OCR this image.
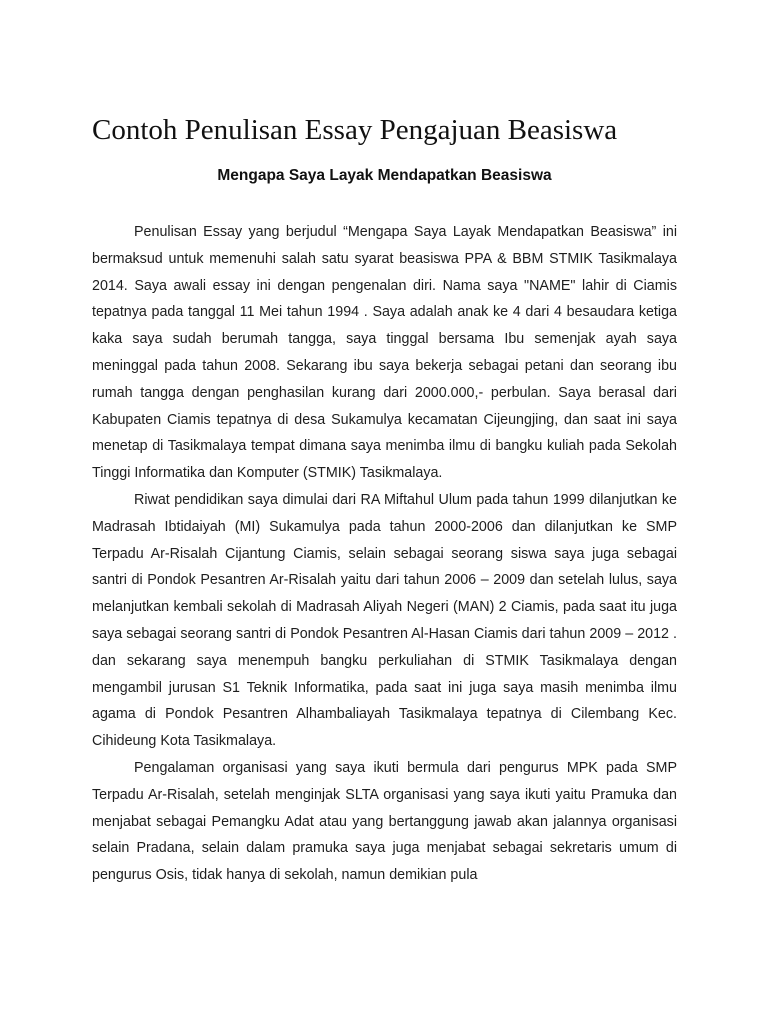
Contoh Penulisan Essay Pengajuan Beasiswa
Mengapa Saya Layak Mendapatkan Beasiswa

Penulisan Essay yang berjudul “Mengapa Saya Layak Mendapatkan Beasiswa” ini bermaksud untuk memenuhi salah satu syarat beasiswa PPA & BBM STMIK Tasikmalaya 2014. Saya awali essay ini dengan pengenalan diri. Nama saya "NAME" lahir di Ciamis tepatnya pada tanggal 11 Mei tahun 1994 . Saya adalah anak ke 4 dari 4 besaudara ketiga kaka saya sudah berumah tangga, saya tinggal bersama Ibu semenjak ayah saya meninggal pada tahun 2008. Sekarang ibu saya bekerja sebagai petani dan seorang ibu rumah tangga dengan penghasilan kurang dari 2000.000,- perbulan. Saya berasal dari Kabupaten Ciamis tepatnya di desa Sukamulya kecamatan Cijeungjing, dan saat ini saya menetap di Tasikmalaya tempat dimana saya menimba ilmu di bangku kuliah pada Sekolah Tinggi Informatika dan Komputer (STMIK) Tasikmalaya.

Riwat pendidikan saya dimulai dari RA Miftahul Ulum pada tahun 1999 dilanjutkan ke Madrasah Ibtidaiyah (MI) Sukamulya pada tahun 2000-2006 dan dilanjutkan ke SMP Terpadu Ar-Risalah Cijantung Ciamis, selain sebagai seorang siswa saya juga sebagai santri di Pondok Pesantren Ar-Risalah yaitu dari tahun 2006 – 2009 dan setelah lulus, saya melanjutkan kembali sekolah di Madrasah Aliyah Negeri (MAN) 2 Ciamis, pada saat itu juga saya sebagai seorang santri di Pondok Pesantren Al-Hasan Ciamis dari tahun 2009 – 2012 . dan sekarang saya menempuh bangku perkuliahan di STMIK Tasikmalaya dengan mengambil jurusan S1 Teknik Informatika, pada saat ini juga saya masih menimba ilmu agama di Pondok Pesantren Alhambaliayah Tasikmalaya tepatnya di Cilembang Kec. Cihideung Kota Tasikmalaya.

Pengalaman organisasi yang saya ikuti bermula dari pengurus MPK pada SMP Terpadu Ar-Risalah, setelah menginjak SLTA organisasi yang saya ikuti yaitu Pramuka dan menjabat sebagai Pemangku Adat atau yang bertanggung jawab akan jalannya organisasi selain Pradana, selain dalam pramuka saya juga menjabat sebagai sekretaris umum di pengurus Osis, tidak hanya di sekolah, namun demikian pula
